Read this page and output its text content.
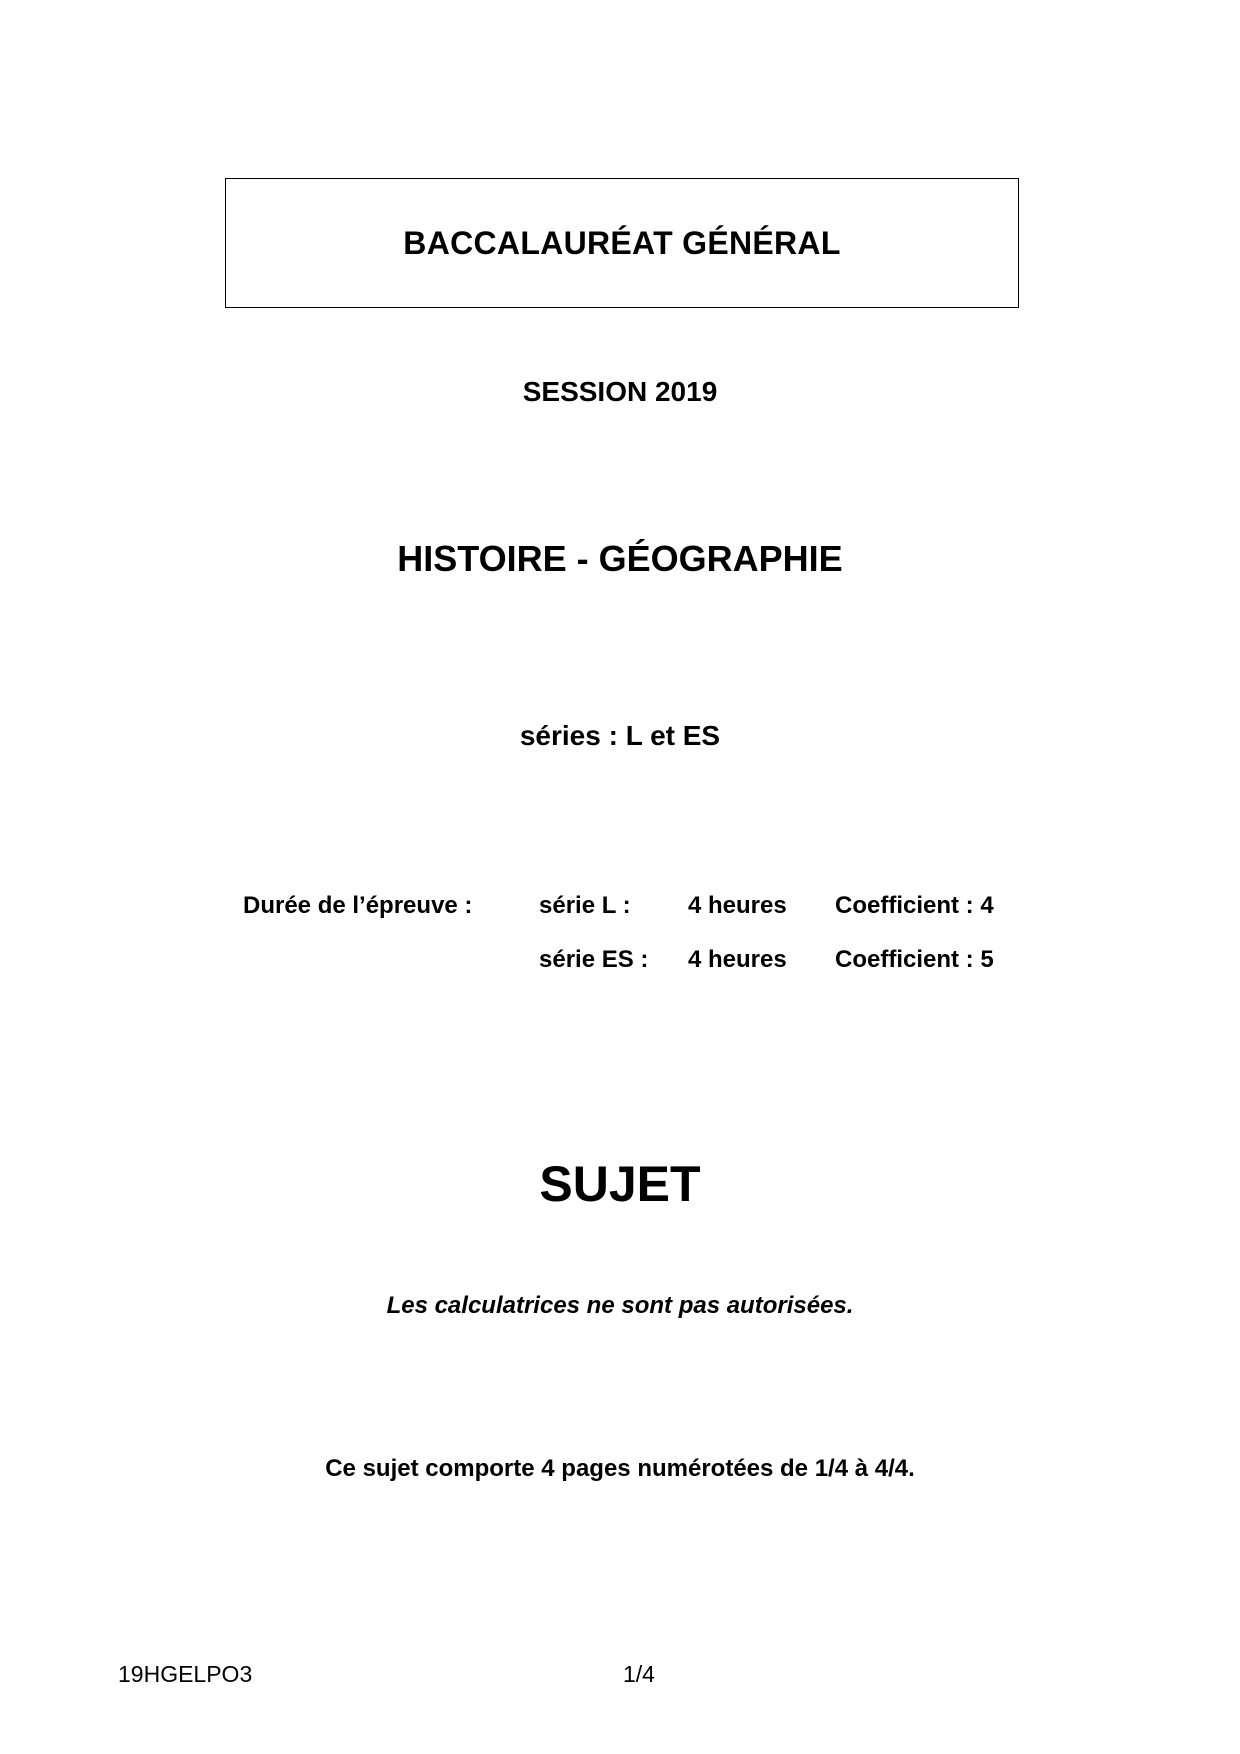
BACCALAURÉAT GÉNÉRAL
SESSION 2019
HISTOIRE - GÉOGRAPHIE
séries : L et ES
Durée de l’épreuve :	série L : 4 heures Coefficient : 4
série ES : 4 heures Coefficient : 5
SUJET
Les calculatrices ne sont pas autorisées.
Ce sujet comporte 4 pages numérotées de 1/4 à 4/4.
19HGELPO3	1/4
